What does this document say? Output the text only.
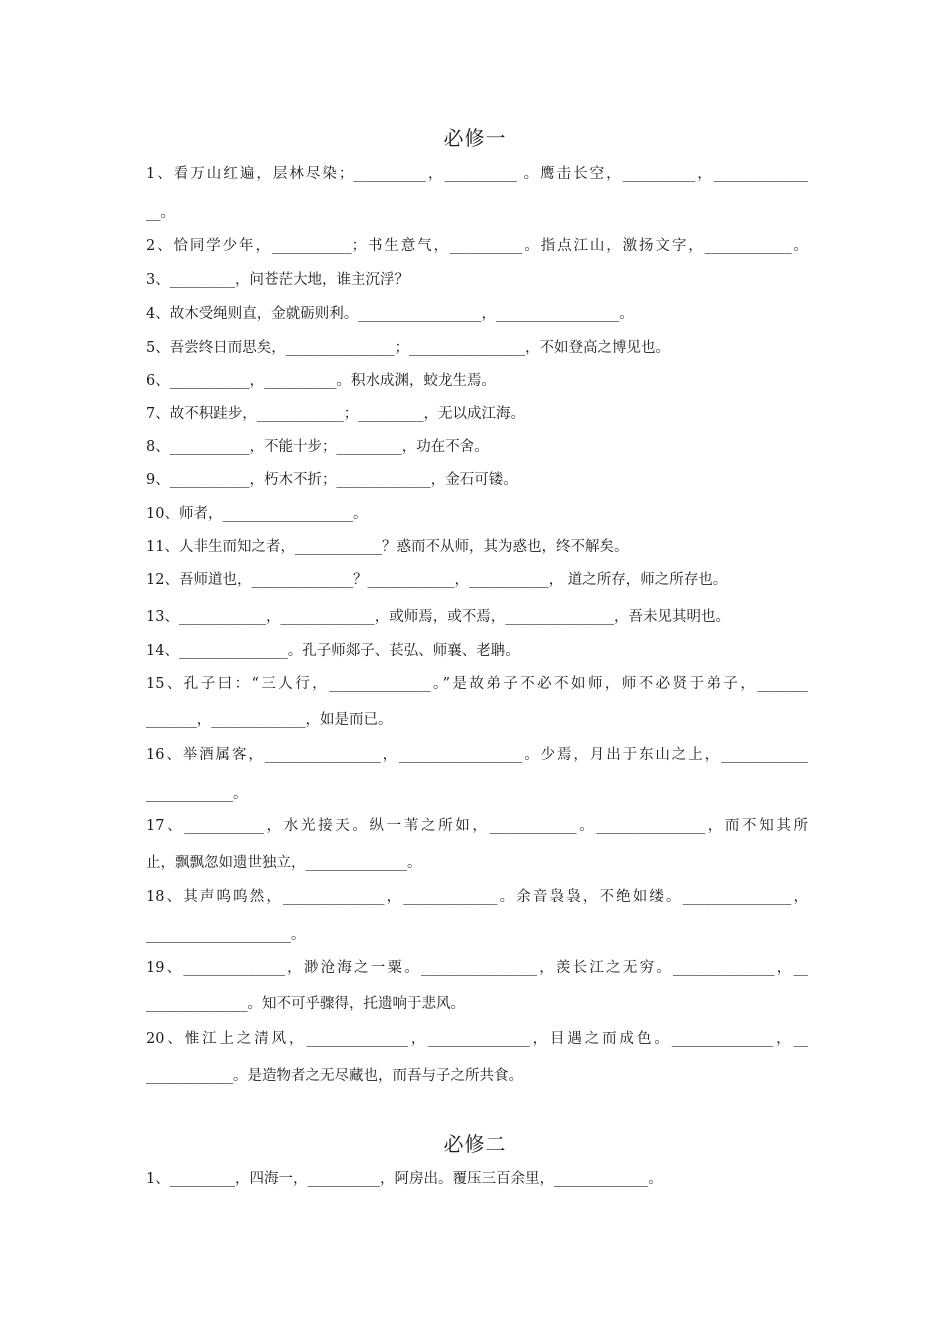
必修一
1、看万山红遍，层林尽染；__________，__________ 。鹰击长空，__________，_____________
__。
2、恰同学少年，___________；书生意气，__________。指点江山，激扬文字，____________。
3、_________，问苍茫大地，谁主沉浮？
4、故木受绳则直，金就砺则利。_________________，_________________。
5、吾尝终日而思矣，_______________；________________，不如登高之博见也。
6、___________，__________。积水成渊，蛟龙生焉。
7、故不积跬步，____________；_________，无以成江海。
8、___________，不能十步；_________，功在不舍。
9、___________，朽木不折；_____________，金石可镂。
10、师者，__________________。
11、人非生而知之者，____________？惑而不从师，其为惑也，终不解矣。
12、吾师道也，______________？____________，___________， 道之所存，师之所存也。
13、____________，_____________，或师焉，或不焉，_______________，吾未见其明也。
14、_______________。孔子师郯子、苌弘、师襄、老聃。
15、孔子曰：“三人行，______________。”是故弟子不必不如师，师不必贤于弟子，_______
_______，_____________，如是而已。
16、举酒属客，________________，_________________。少焉，月出于东山之上，____________
____________。
17、___________，水光接天。纵一苇之所如，____________。_______________，而不知其所
止，飘飘忽如遗世独立，______________。
18、其声呜呜然，______________，_____________。余音袅袅，不绝如缕。_______________，
____________________。
19、______________，渺沧海之一粟。________________，羡长江之无穷。______________，__
______________。知不可乎骤得，托遗响于悲风。
20、惟江上之清风，______________，______________，目遇之而成色。______________，__
____________。是造物者之无尽藏也，而吾与子之所共食。
必修二
1、_________，四海一，__________，阿房出。覆压三百余里，_____________。
